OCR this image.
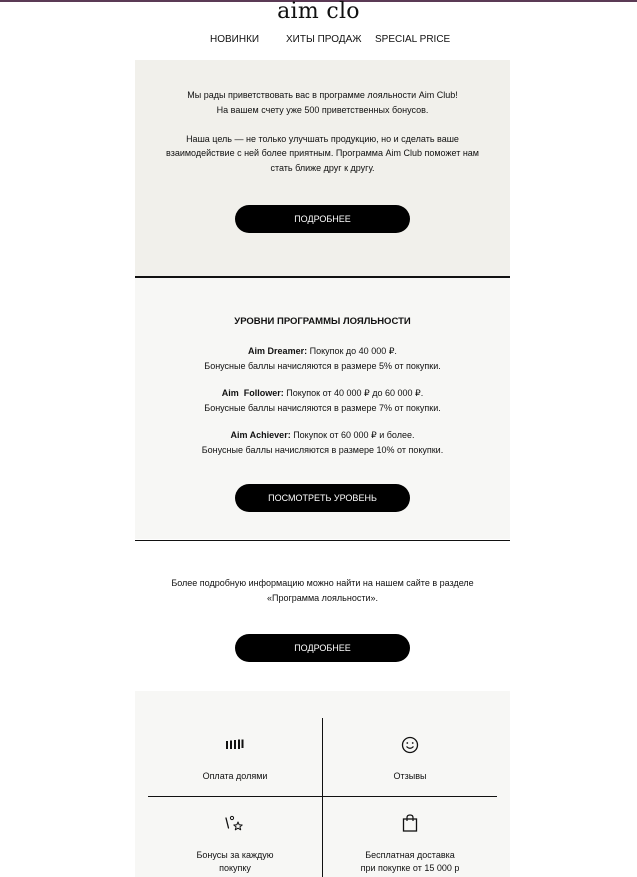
aim clo
НОВИНКИ	ХИТЫ ПРОДАЖ SPECIAL PRICE

Мы рады приветствовать вас в программе лояльности Aim Club!

На вашем счету уже 500 приветственных бонусов.

Наша цель — не только улучшать продукцию, но и сделать ваше взаимодействие с ней более приятным. Программа Aim Club поможет нам стать ближе друг к другу.

ПОДРОБНЕЕ
УРОВНИ ПРОГРАММЫ ЛОЯЛЬНОСТИ
Aim Dreamer: Покупок до 40 000 ₽.
Бонусные баллы начисляются в размере 5% от покупки.
Aim  Follower: Покупок от 40 000 ₽ до 60 000 ₽.
Бонусные баллы начисляются в размере 7% от покупки.
Aim Achiever: Покупок от 60 000 ₽ и более.
Бонусные баллы начисляются в размере 10% от покупки.
ПОСМОТРЕТЬ УРОВЕНЬ
Более подробную информацию можно найти на нашем сайте в разделе
«Программа лояльности».
ПОДРОБНЕЕ
Оплата долями	Отзывы
Бонусы за каждую
покупку
Бесплатная доставка
при покупке от 15 000 р
